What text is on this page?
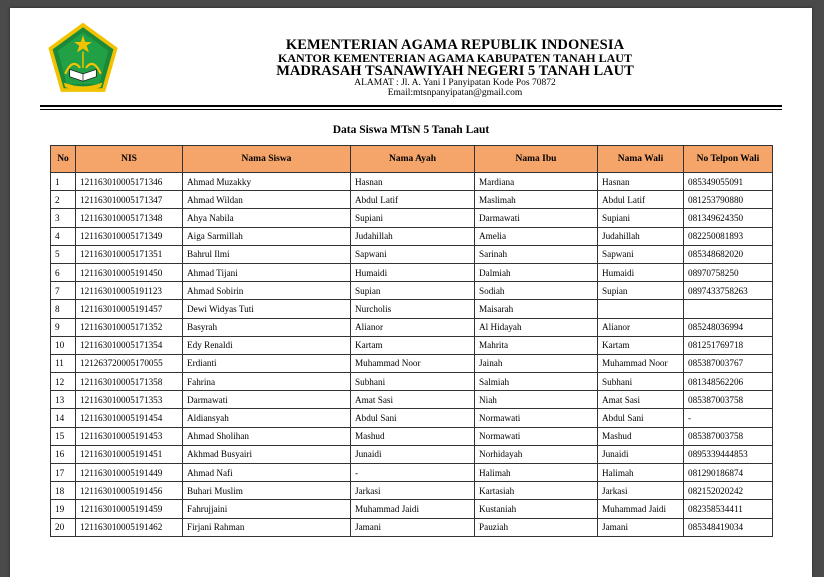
KEMENTERIAN AGAMA REPUBLIK INDONESIA
KANTOR KEMENTERIAN AGAMA KABUPATEN TANAH LAUT
MADRASAH TSANAWIYAH NEGERI 5 TANAH LAUT
ALAMAT : Jl. A. Yani I Panyipatan Kode Pos 70872
Email:mtsnpanyipatan@gmail.com
Data Siswa MTsN 5 Tanah Laut
No	NIS	Nama Siswa	Nama Ayah	Nama Ibu	Nama Wali	No Telpon Wali
1	121163010005171346	Ahmad Muzakky	Hasnan	Mardiana	Hasnan	085349055091
2	121163010005171347	Ahmad Wildan	Abdul Latif	Maslimah	Abdul Latif	081253790880
3	121163010005171348	Ahya Nabila	Supiani	Darmawati	Supiani	081349624350
4	121163010005171349	Aiga Sarmillah	Judahillah	Amelia	Judahillah	082250081893
5	121163010005171351	Bahrul Ilmi	Sapwani	Sarinah	Sapwani	085348682020
6	121163010005191450	Ahmad Tijani	Humaidi	Dalmiah	Humaidi	08970758250
7	121163010005191123	Ahmad Sobirin	Supian	Sodiah	Supian	0897433758263
8	121163010005191457	Dewi Widyas Tuti	Nurcholis	Maisarah		
9	121163010005171352	Basyrah	Alianor	Al Hidayah	Alianor	085248036994
10	121163010005171354	Edy Renaldi	Kartam	Mahrita	Kartam	081251769718
11	121263720005170055	Erdianti	Muhammad Noor	Jainah	Muhammad Noor	085387003767
12	121163010005171358	Fahrina	Subhani	Salmiah	Subhani	081348562206
13	121163010005171353	Darmawati	Amat Sasi	Niah	Amat Sasi	085387003758
14	121163010005191454	Aldiansyah	Abdul Sani	Normawati	Abdul Sani	-
15	121163010005191453	Ahmad Sholihan	Mashud	Normawati	Mashud	085387003758
16	121163010005191451	Akhmad Busyairi	Junaidi	Norhidayah	Junaidi	0895339444853
17	121163010005191449	Ahmad Nafi	-	Halimah	Halimah	081290186874
18	121163010005191456	Buhari Muslim	Jarkasi	Kartasiah	Jarkasi	082152020242
19	121163010005191459	Fahrujjaini	Muhammad Jaidi	Kustaniah	Muhammad Jaidi	082358534411
20	121163010005191462	Firjani Rahman	Jamani	Pauziah	Jamani	085348419034
